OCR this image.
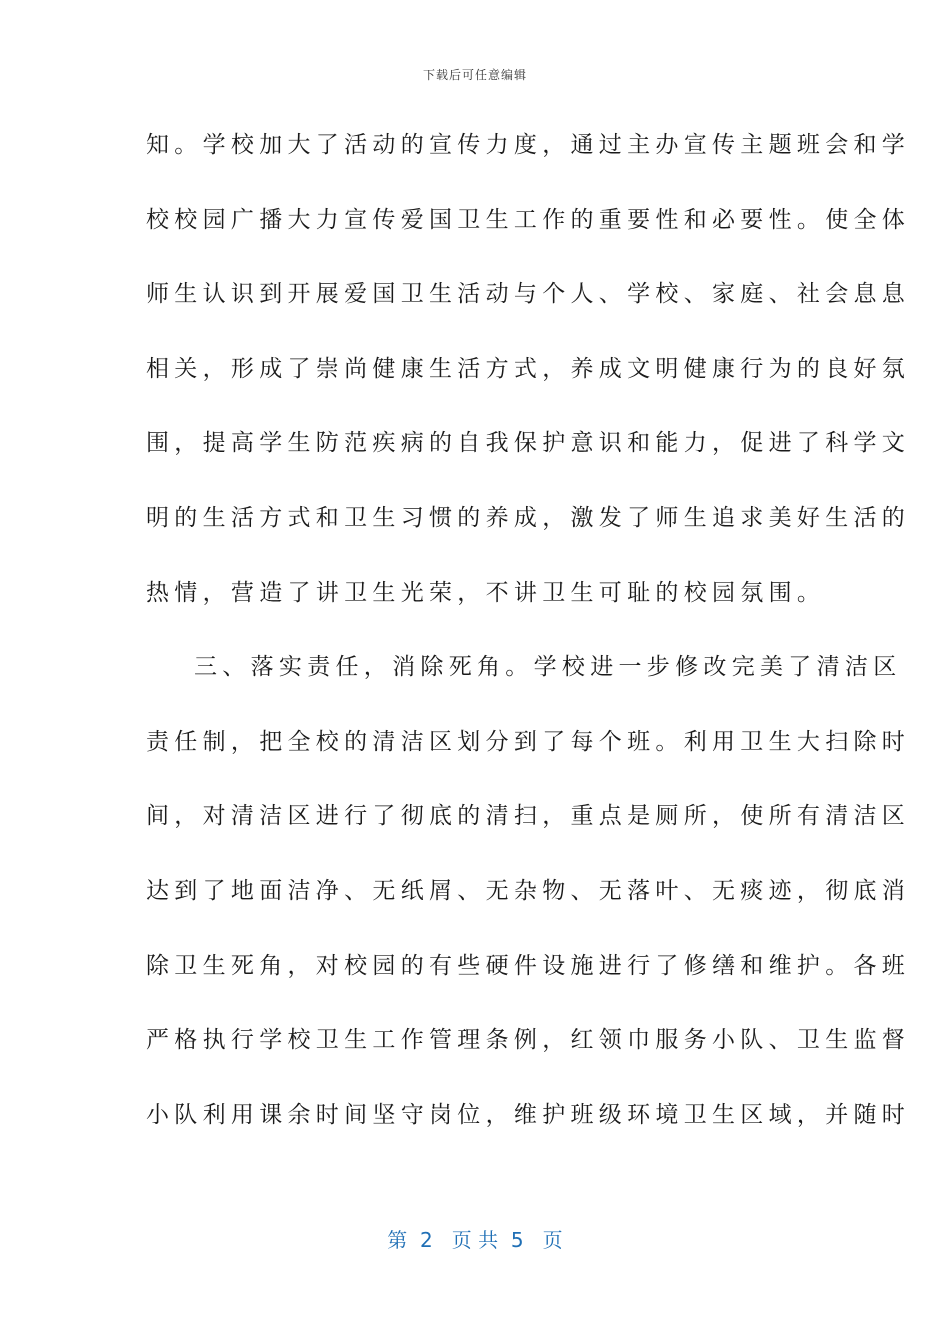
下载后可任意编辑
知。学校加大了活动的宣传力度，通过主办宣传主题班会和学
校校园广播大力宣传爱国卫生工作的重要性和必要性。使全体
师生认识到开展爱国卫生活动与个人、学校、家庭、社会息息
相关，形成了崇尚健康生活方式，养成文明健康行为的良好氛
围，提高学生防范疾病的自我保护意识和能力，促进了科学文
明的生活方式和卫生习惯的养成，激发了师生追求美好生活的
热情，营造了讲卫生光荣，不讲卫生可耻的校园氛围。
三、落实责任，消除死角。学校进一步修改完美了清洁区
责任制，把全校的清洁区划分到了每个班。利用卫生大扫除时
间，对清洁区进行了彻底的清扫，重点是厕所，使所有清洁区
达到了地面洁净、无纸屑、无杂物、无落叶、无痰迹，彻底消
除卫生死角，对校园的有些硬件设施进行了修缮和维护。各班
严格执行学校卫生工作管理条例，红领巾服务小队、卫生监督
小队利用课余时间坚守岗位，维护班级环境卫生区域，并随时
第  2   页 共  5   页
